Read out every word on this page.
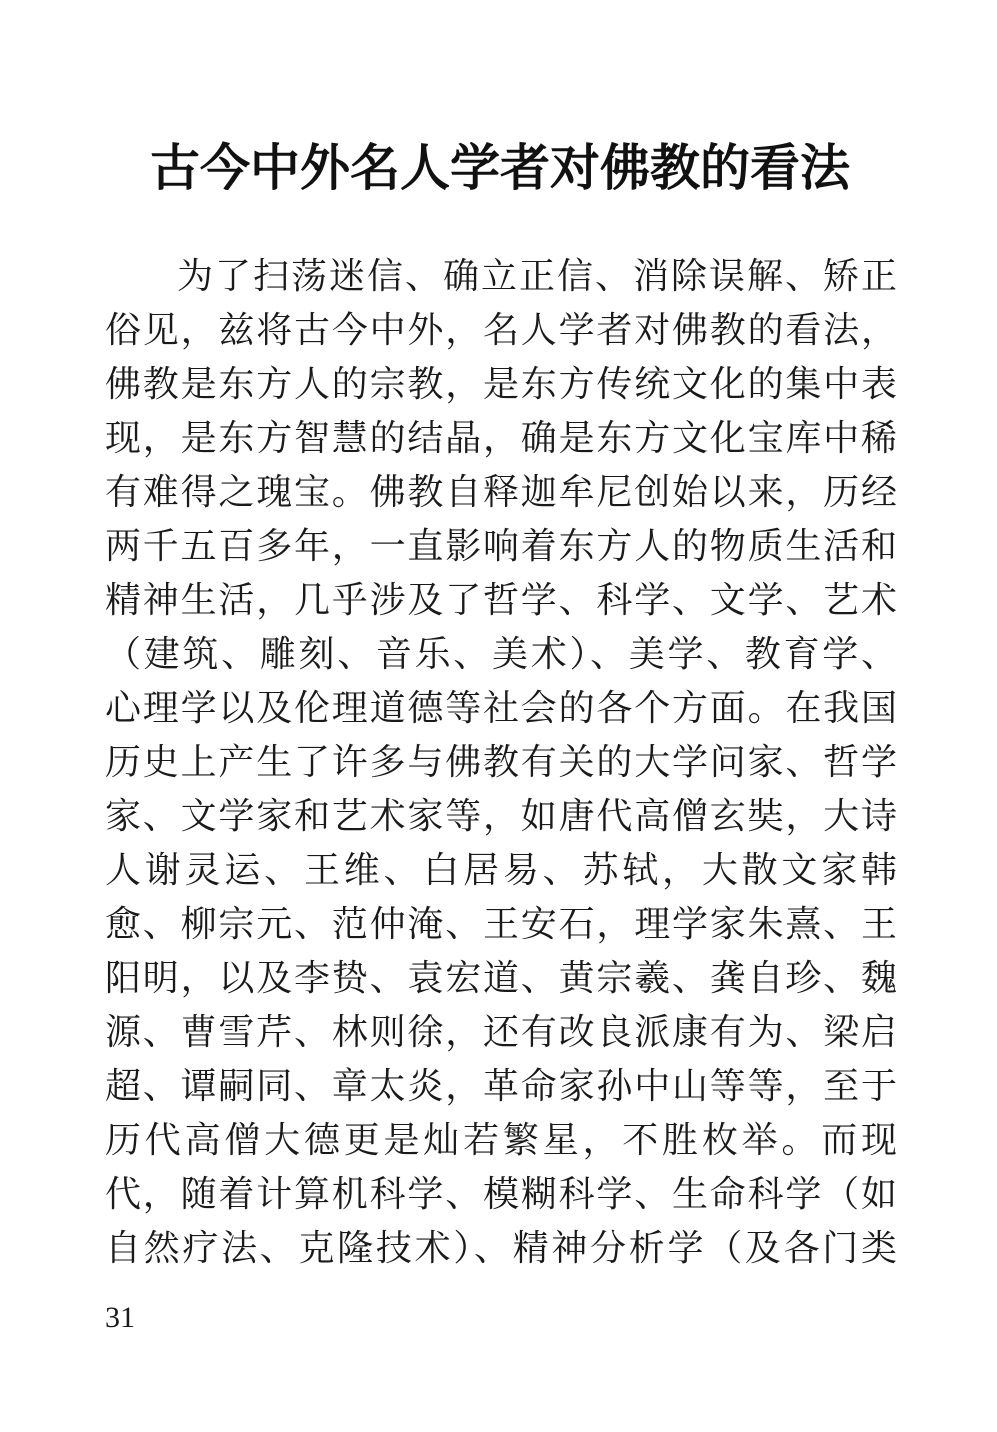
古今中外名人学者对佛教的看法
为了扫荡迷信、确立正信、消除误解、矫正
俗见，兹将古今中外，名人学者对佛教的看法，
佛教是东方人的宗教，是东方传统文化的集中表
现，是东方智慧的结晶，确是东方文化宝库中稀
有难得之瑰宝。佛教自释迦牟尼创始以来，历经
两千五百多年，一直影响着东方人的物质生活和
精神生活，几乎涉及了哲学、科学、文学、艺术
（建筑、雕刻、音乐、美术）、美学、教育学、
心理学以及伦理道德等社会的各个方面。在我国
历史上产生了许多与佛教有关的大学问家、哲学
家、文学家和艺术家等，如唐代高僧玄奘，大诗
人谢灵运、王维、白居易、苏轼，大散文家韩
愈、柳宗元、范仲淹、王安石，理学家朱熹、王
阳明，以及李贽、袁宏道、黄宗羲、龚自珍、魏
源、曹雪芹、林则徐，还有改良派康有为、梁启
超、谭嗣同、章太炎，革命家孙中山等等，至于
历代高僧大德更是灿若繁星，不胜枚举。而现
代，随着计算机科学、模糊科学、生命科学（如
自然疗法、克隆技术）、精神分析学（及各门类
31
